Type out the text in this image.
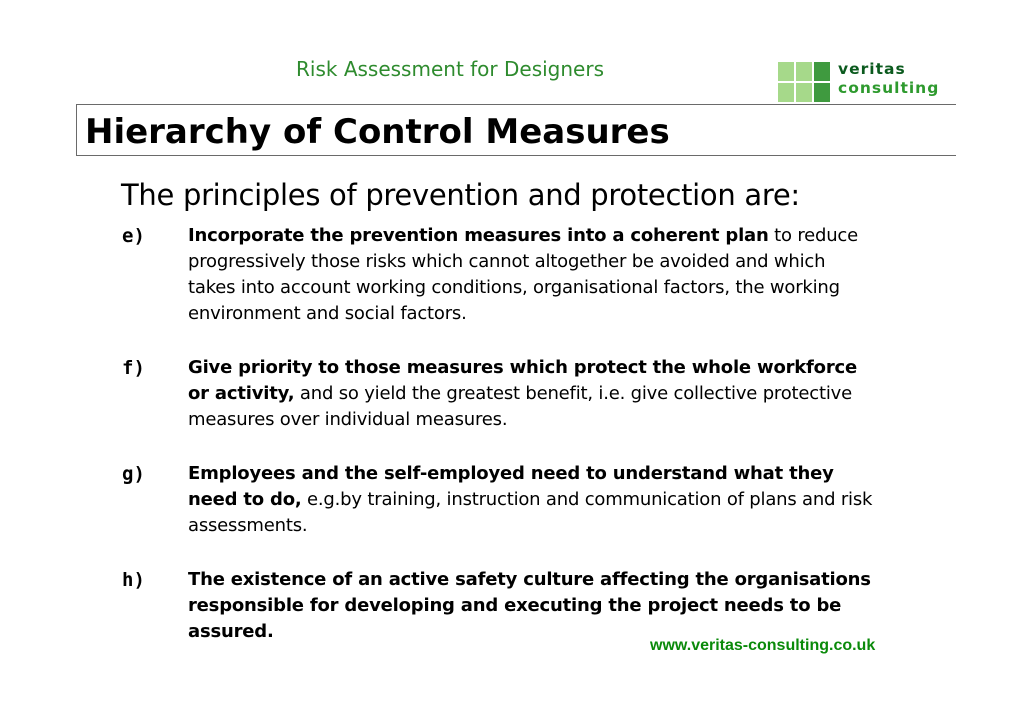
Risk Assessment for Designers	veritas
consulting
Hierarchy of Control Measures
The principles of prevention and protection are:
e) Incorporate the prevention measures into a coherent plan to reduce progressively those risks which cannot altogether be avoided and which takes into account working conditions, organisational factors, the working environment and social factors.
f) Give priority to those measures which protect the whole workforce or activity, and so yield the greatest benefit, i.e. give collective protective measures over individual measures.
g) Employees and the self-employed need to understand what they need to do, e.g.by training, instruction and communication of plans and risk assessments.
h) The existence of an active safety culture affecting the organisations responsible for developing and executing the project needs to be assured.
www.veritas-consulting.co.uk
